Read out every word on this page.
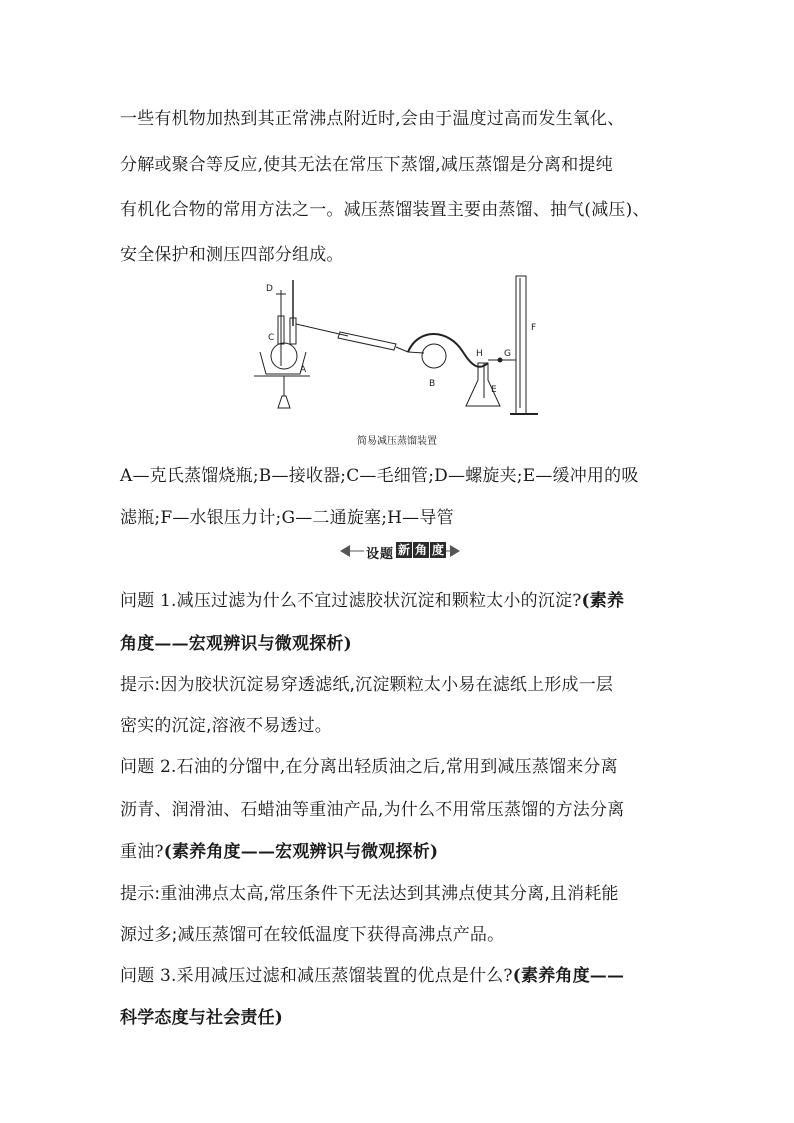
一些有机物加热到其正常沸点附近时,会由于温度过高而发生氧化、
分解或聚合等反应,使其无法在常压下蒸馏,减压蒸馏是分离和提纯
有机化合物的常用方法之一。减压蒸馏装置主要由蒸馏、抽气(减压)、
安全保护和测压四部分组成。
D
C
A
B
E
F
G
H
简易减压蒸馏装置
A—克氏蒸馏烧瓶;B—接收器;C—毛细管;D—螺旋夹;E—缓冲用的吸
滤瓶;F—水银压力计;G—二通旋塞;H—导管
设题 新 角 度
问题 1.减压过滤为什么不宜过滤胶状沉淀和颗粒太小的沉淀?(素养
角度——宏观辨识与微观探析)
提示:因为胶状沉淀易穿透滤纸,沉淀颗粒太小易在滤纸上形成一层
密实的沉淀,溶液不易透过。
问题 2.石油的分馏中,在分离出轻质油之后,常用到减压蒸馏来分离
沥青、润滑油、石蜡油等重油产品,为什么不用常压蒸馏的方法分离
重油?(素养角度——宏观辨识与微观探析)
提示:重油沸点太高,常压条件下无法达到其沸点使其分离,且消耗能
源过多;减压蒸馏可在较低温度下获得高沸点产品。
问题 3.采用减压过滤和减压蒸馏装置的优点是什么?(素养角度——
科学态度与社会责任)
